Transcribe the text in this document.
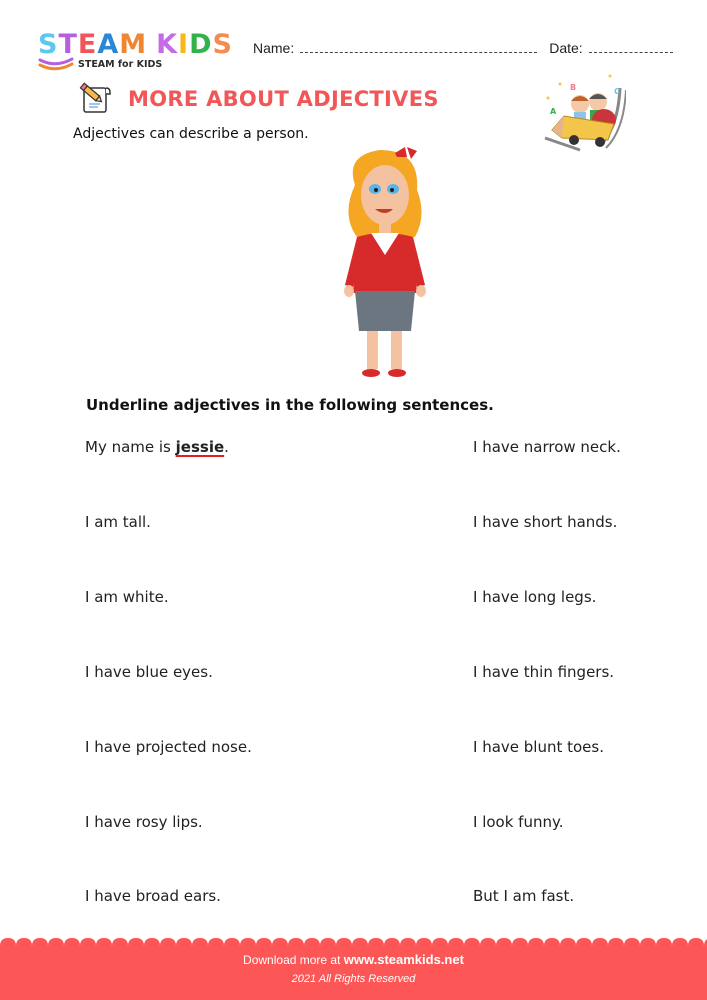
STEAM KIDS
STEAM for KIDS
Name:	Date:
MORE ABOUT ADJECTIVES
Adjectives can describe a person.
B	C
A
Underline adjectives in the following sentences.
My name is jessie.
I am tall.
I am white.
I have blue eyes.
I have projected nose.
I have rosy lips.
I have broad ears.
I have narrow neck.
I have short hands.
I have long legs.
I have thin fingers.
I have blunt toes.
I look funny.
But I am fast.
Download more at www.steamkids.net
2021 All Rights Reserved
